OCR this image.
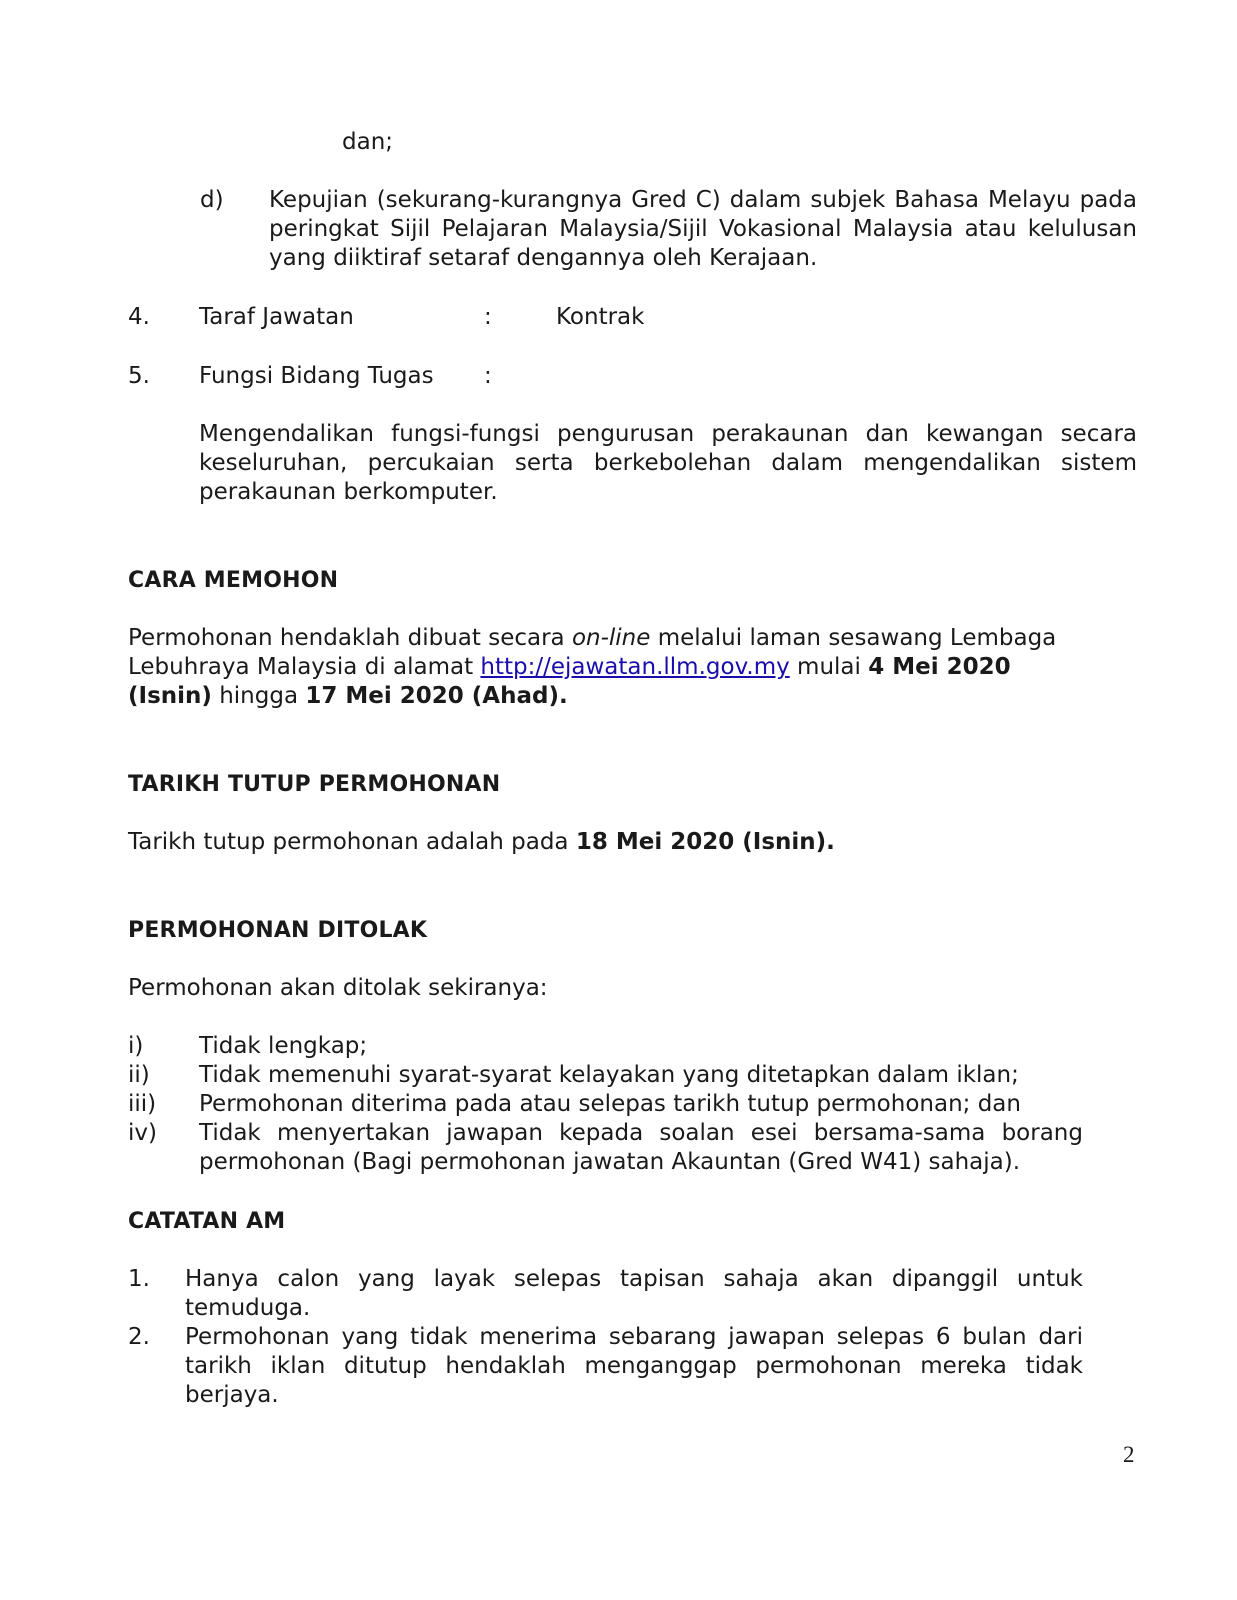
dan;
d) Kepujian (sekurang-kurangnya Gred C) dalam subjek Bahasa Melayu pada peringkat Sijil Pelajaran Malaysia/Sijil Vokasional Malaysia atau kelulusan yang diiktiraf setaraf dengannya oleh Kerajaan.
4. Taraf Jawatan	:	Kontrak
5. Fungsi Bidang Tugas :
Mengendalikan fungsi-fungsi pengurusan perakaunan dan kewangan secara keseluruhan, percukaian serta berkebolehan dalam mengendalikan sistem perakaunan berkomputer.
CARA MEMOHON
Permohonan hendaklah dibuat secara on-line melalui laman sesawang Lembaga Lebuhraya Malaysia di alamat http://ejawatan.llm.gov.my mulai 4 Mei 2020 (Isnin) hingga 17 Mei 2020 (Ahad).
TARIKH TUTUP PERMOHONAN
Tarikh tutup permohonan adalah pada 18 Mei 2020 (Isnin).
PERMOHONAN DITOLAK
Permohonan akan ditolak sekiranya:
i) Tidak lengkap;
ii) Tidak memenuhi syarat-syarat kelayakan yang ditetapkan dalam iklan;
iii) Permohonan diterima pada atau selepas tarikh tutup permohonan; dan
iv) Tidak menyertakan jawapan kepada soalan esei bersama-sama borang permohonan (Bagi permohonan jawatan Akauntan (Gred W41) sahaja).
CATATAN AM
1. Hanya calon yang layak selepas tapisan sahaja akan dipanggil untuk temuduga.
2. Permohonan yang tidak menerima sebarang jawapan selepas 6 bulan dari tarikh iklan ditutup hendaklah menganggap permohonan mereka tidak berjaya.
2
